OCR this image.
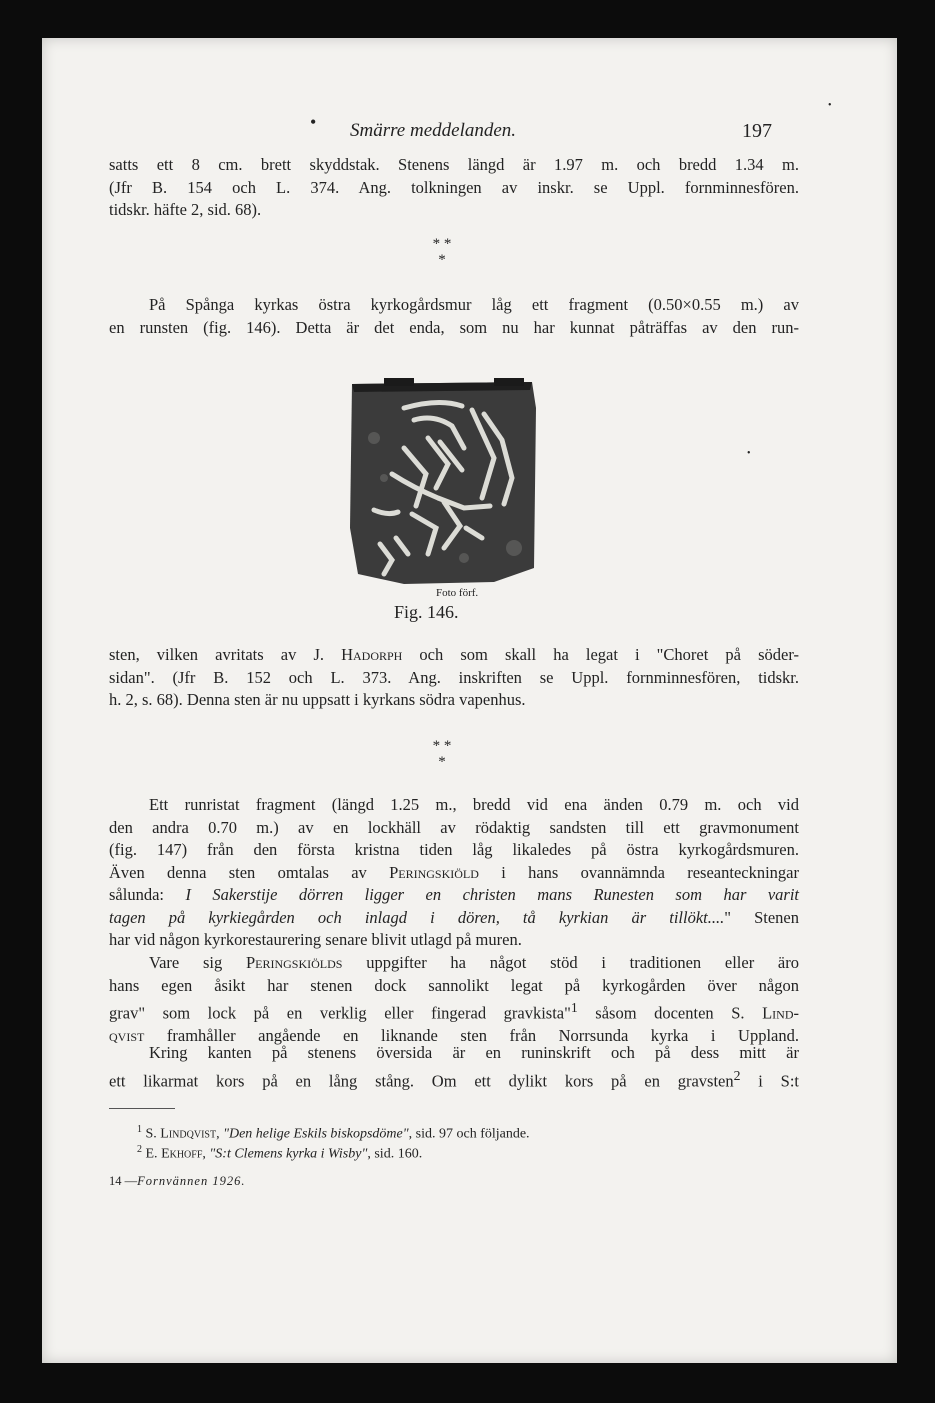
•
• Smärre meddelanden.	197
satts ett 8 cm. brett skyddstak. Stenens längd är 1.97 m. och bredd 1.34 m.
(Jfr B. 154 och L. 374. Ang. tolkningen av inskr. se Uppl. fornminnesfören.
tidskr. häfte 2, sid. 68).
* *
*
På Spånga kyrkas östra kyrkogårdsmur låg ett fragment (0.50×0.55 m.) av
en runsten (fig. 146). Detta är det enda, som nu har kunnat påträffas av den run-
•
Foto förf.
Fig. 146.
sten, vilken avritats av J. Hadorph och som skall ha legat i "Choret på söder-
sidan". (Jfr B. 152 och L. 373. Ang. inskriften se Uppl. fornminnesfören, tidskr.
h. 2, s. 68). Denna sten är nu uppsatt i kyrkans södra vapenhus.
* *
*
Ett runristat fragment (längd 1.25 m., bredd vid ena änden 0.79 m. och vid
den andra 0.70 m.) av en lockhäll av rödaktig sandsten till ett gravmonument
(fig. 147) från den första kristna tiden låg likaledes på östra kyrkogårdsmuren.
Även denna sten omtalas av Peringskiöld i hans ovannämnda reseanteckningar
sålunda: I Sakerstije dörren ligger en christen mans Runesten som har varit
tagen på kyrkiegården och inlagd i dören, tå kyrkian är tillökt...." Stenen
har vid någon kyrkorestaurering senare blivit utlagd på muren.
Vare sig Peringskiölds uppgifter ha något stöd i traditionen eller äro
hans egen åsikt har stenen dock sannolikt legat på kyrkogården över någon
grav" som lock på en verklig eller fingerad gravkista"$^1$ såsom docenten S. Lind-
qvist framhåller angående en liknande sten från Norrsunda kyrka i Uppland.
Kring kanten på stenens översida är en runinskrift och på dess mitt är
ett likarmat kors på en lång stång. Om ett dylikt kors på en gravsten$^2$ i S:t
$^1$ S. Lindqvist, "Den helige Eskils biskopsdöme", sid. 97 och följande.
$^2$ E. Ekhoff, "S:t Clemens kyrka i Wisby", sid. 160.
14 —Fornvännen 1926.
